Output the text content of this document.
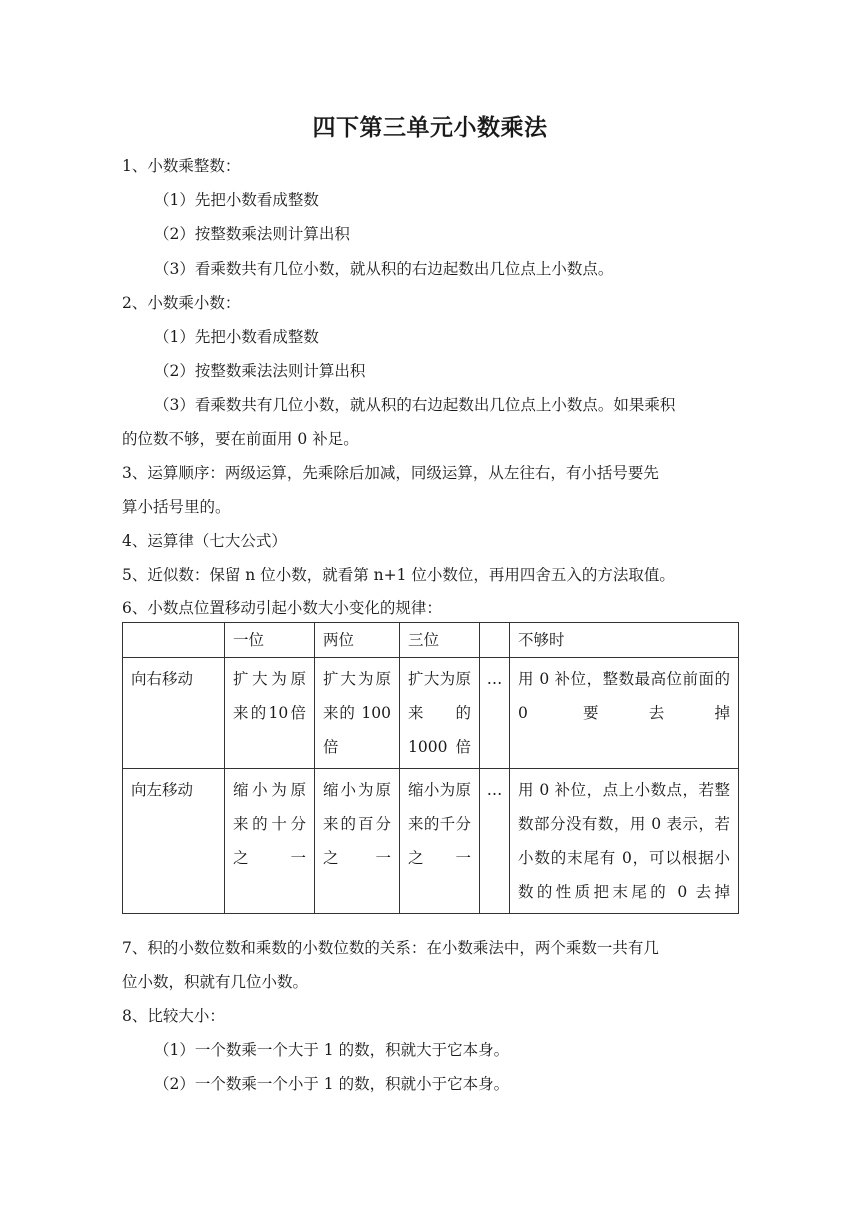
四下第三单元小数乘法
1、小数乘整数：
（1）先把小数看成整数
（2）按整数乘法则计算出积
（3）看乘数共有几位小数，就从积的右边起数出几位点上小数点。
2、小数乘小数：
（1）先把小数看成整数
（2）按整数乘法法则计算出积
（3）看乘数共有几位小数，就从积的右边起数出几位点上小数点。如果乘积
的位数不够，要在前面用 0 补足。
3、运算顺序：两级运算，先乘除后加减，同级运算，从左往右，有小括号要先
算小括号里的。
4、运算律（七大公式）
5、近似数：保留 n 位小数，就看第 n+1 位小数位，再用四舍五入的方法取值。
6、小数点位置移动引起小数大小变化的规律：
	一位	两位	三位		不够时
向右移动	扩大为原来的10倍	扩大为原来的 100倍	扩大为原来的1000倍	…	用 0 补位，整数最高位前面的 0 要去掉
向左移动	缩小为原来的十分之一	缩小为原来的百分之一	缩小为原来的千分之一	…	用 0 补位，点上小数点，若整数部分没有数，用 0 表示，若小数的末尾有 0，可以根据小数的性质把末尾的 0 去掉
7、积的小数位数和乘数的小数位数的关系：在小数乘法中，两个乘数一共有几
位小数，积就有几位小数。
8、比较大小：
（1）一个数乘一个大于 1 的数，积就大于它本身。
（2）一个数乘一个小于 1 的数，积就小于它本身。
